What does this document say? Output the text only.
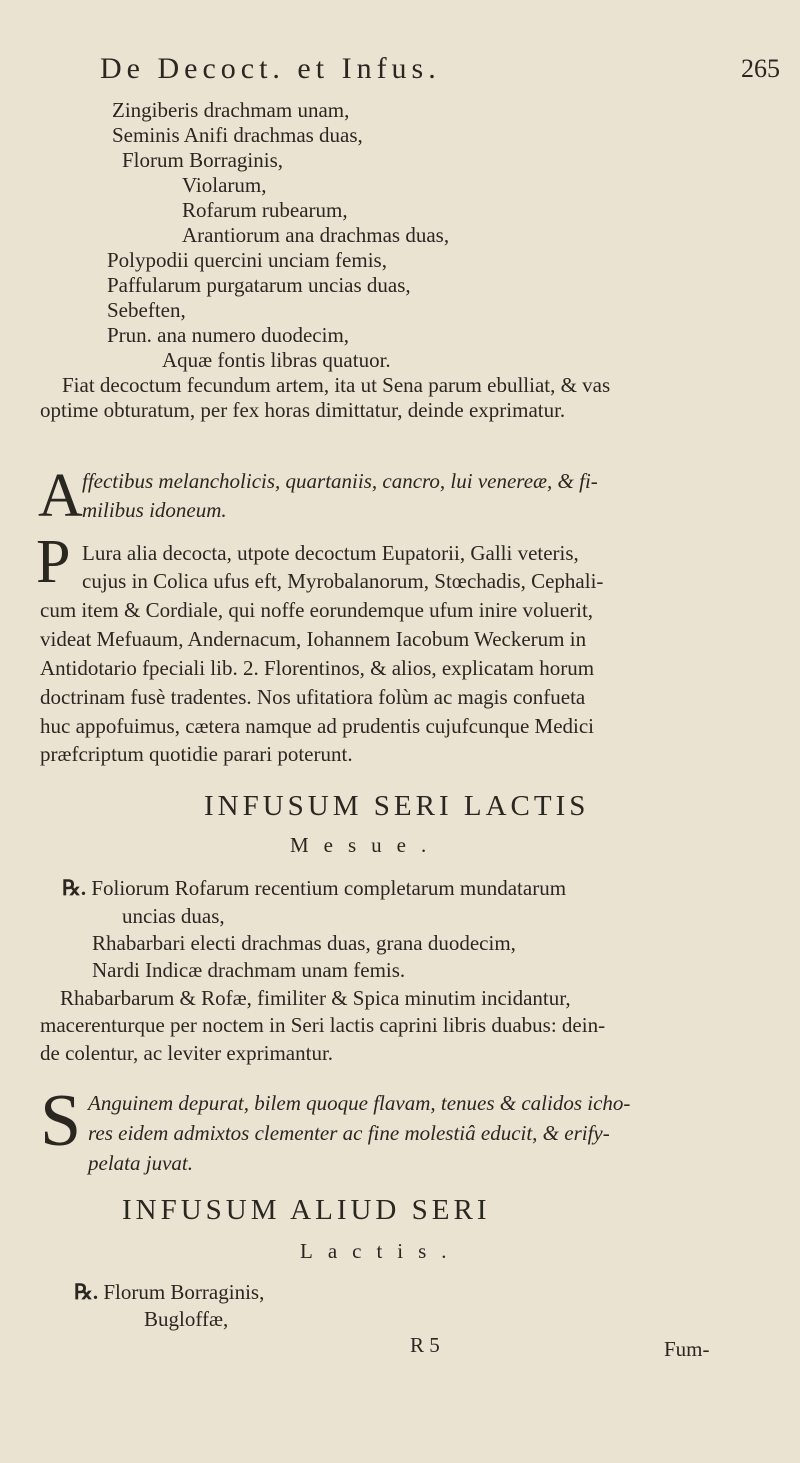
De Decoct. et Infus.	265
Zingiberis drachmam unam,
Seminis Anifi drachmas duas,
Florum Borraginis,
Violarum,
Rofarum rubearum,
Arantiorum ana drachmas duas,
Polypodii quercini unciam femis,
Paffularum purgatarum uncias duas,
Sebeften,
Prun. ana numero duodecim,
Aquæ fontis libras quatuor.
Fiat decoctum fecundum artem, ita ut Sena parum ebulliat, & vas
optime obturatum, per fex horas dimittatur, deinde exprimatur.
A ffectibus melancholicis, quartaniis, cancro, lui venereæ, & fi-
milibus idoneum.
P Lura alia decocta, utpote decoctum Eupatorii, Galli veteris,
cujus in Colica ufus eft, Myrobalanorum, Stœchadis, Cephali-
cum item & Cordiale, qui noffe eorundemque ufum inire voluerit,
videat Mefuaum, Andernacum, Iohannem Iacobum Weckerum in
Antidotario fpeciali lib. 2. Florentinos, & alios, explicatam horum
doctrinam fusè tradentes. Nos ufitatiora folùm ac magis confueta
huc appofuimus, cætera namque ad prudentis cujufcunque Medici
præfcriptum quotidie parari poterunt.
INFUSUM SERI LACTIS
Mesue.
℞. Foliorum Rofarum recentium completarum mundatarum
uncias duas,
Rhabarbari electi drachmas duas, grana duodecim,
Nardi Indicæ drachmam unam femis.
Rhabarbarum & Rofæ, fimiliter & Spica minutim incidantur,
macerenturque per noctem in Seri lactis caprini libris duabus: dein-
de colentur, ac leviter exprimantur.
S Anguinem depurat, bilem quoque flavam, tenues & calidos icho-
res eidem admixtos clementer ac fine molestiâ educit, & erify-
pelata juvat.
INFUSUM ALIUD SERI
Lactis.
℞. Florum Borraginis,
Bugloffæ,
R 5	Fum-
